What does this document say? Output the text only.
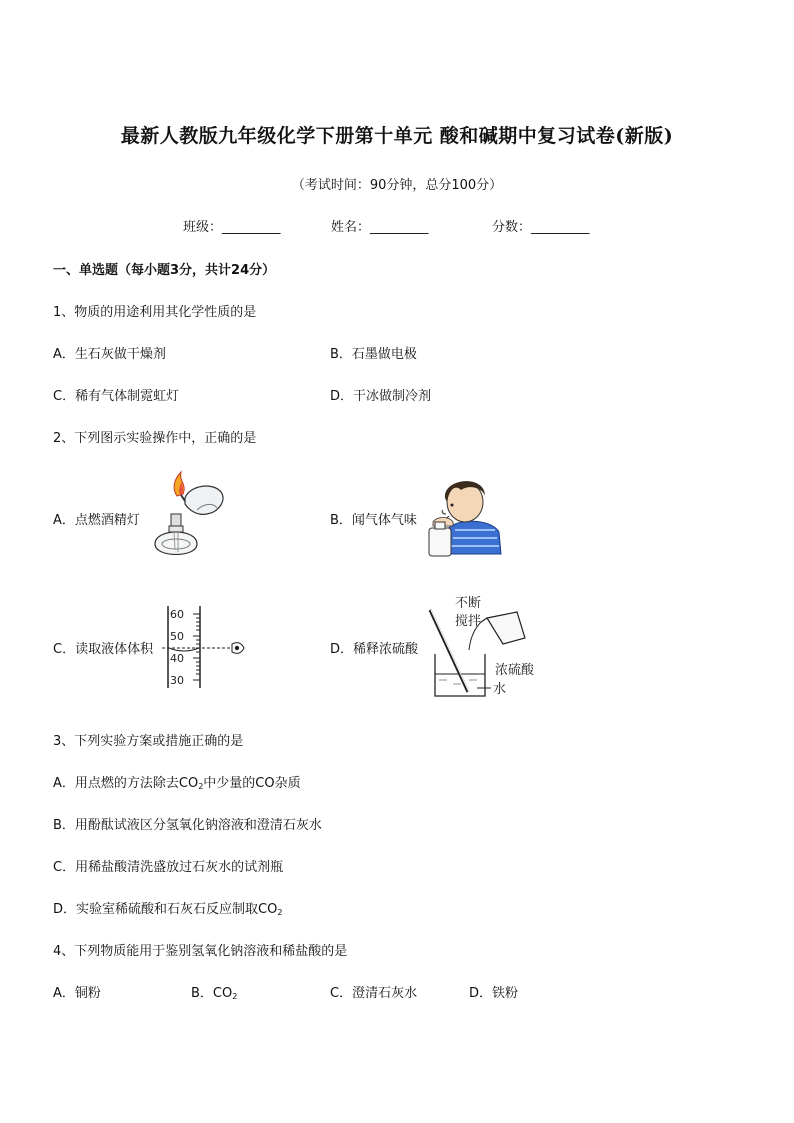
最新人教版九年级化学下册第十单元 酸和碱期中复习试卷(新版)
（考试时间：90分钟，总分100分）
班级：_________	姓名：_________	分数：_________
一、单选题（每小题3分，共计24分）
1、物质的用途利用其化学性质的是
A．生石灰做干燥剂	B．石墨做电极
C．稀有气体制霓虹灯	D．干冰做制冷剂
2、下列图示实验操作中，正确的是
A．点燃酒精灯	B．闻气体气味
C．读取液体体积
60
50
40
30
D．稀释浓硫酸
不断
搅拌
浓硫酸
水
3、下列实验方案或措施正确的是
A．用点燃的方法除去$CO_2$中少量的CO杂质
B．用酚酞试液区分氢氧化钠溶液和澄清石灰水
C．用稀盐酸清洗盛放过石灰水的试剂瓶
D．实验室稀硫酸和石灰石反应制取$CO_2$
4、下列物质能用于鉴别氢氧化钠溶液和稀盐酸的是
A．铜粉	B．$CO_2$	C．澄清石灰水	D．铁粉
